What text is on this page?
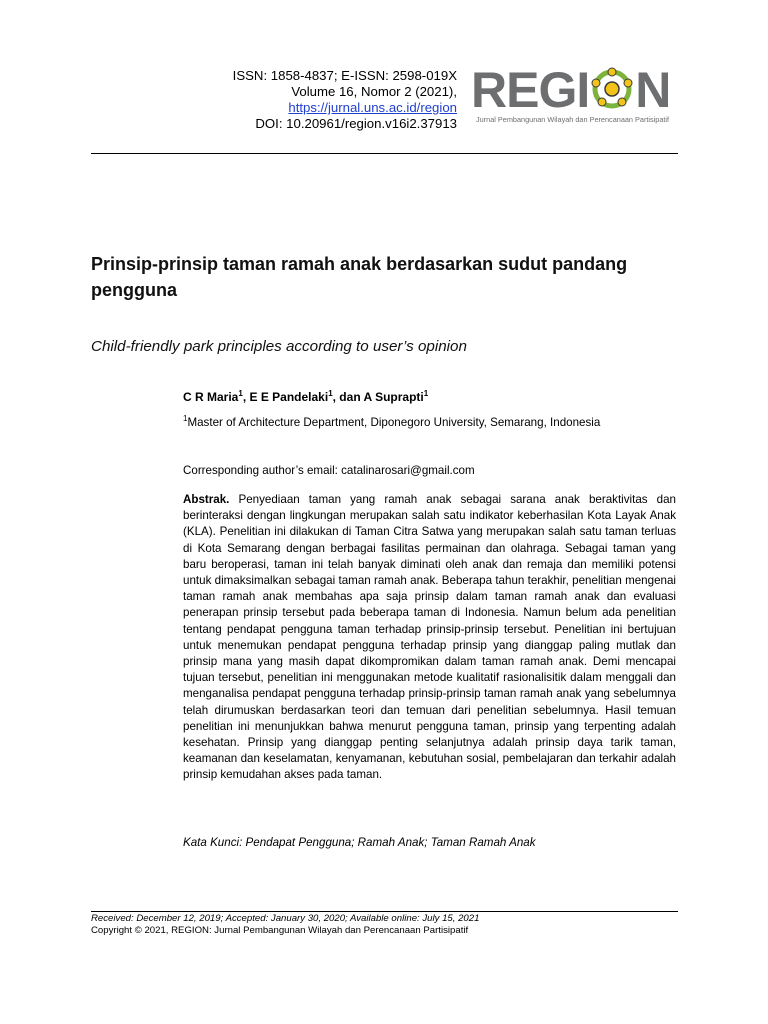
ISSN: 1858-4837; E-ISSN: 2598-019X
Volume 16, Nomor 2 (2021),
https://jurnal.uns.ac.id/region
DOI: 10.20961/region.v16i2.37913
REGI N
Jurnal Pembangunan Wilayah dan Perencanaan Partisipatif
Prinsip-prinsip taman ramah anak berdasarkan sudut pandang pengguna
Child-friendly park principles according to user’s opinion
C R Maria$^1$, E E Pandelaki$^1$, dan A Suprapti$^1$
$^1$Master of Architecture Department, Diponegoro University, Semarang, Indonesia
Corresponding author’s email: catalinarosari@gmail.com
Abstrak. Penyediaan taman yang ramah anak sebagai sarana anak beraktivitas dan berinteraksi dengan lingkungan merupakan salah satu indikator keberhasilan Kota Layak Anak (KLA). Penelitian ini dilakukan di Taman Citra Satwa yang merupakan salah satu taman terluas di Kota Semarang dengan berbagai fasilitas permainan dan olahraga. Sebagai taman yang baru beroperasi, taman ini telah banyak diminati oleh anak dan remaja dan memiliki potensi untuk dimaksimalkan sebagai taman ramah anak. Beberapa tahun terakhir, penelitian mengenai taman ramah anak membahas apa saja prinsip dalam taman ramah anak dan evaluasi penerapan prinsip tersebut pada beberapa taman di Indonesia. Namun belum ada penelitian tentang pendapat pengguna taman terhadap prinsip-prinsip tersebut. Penelitian ini bertujuan untuk menemukan pendapat pengguna terhadap prinsip yang dianggap paling mutlak dan prinsip mana yang masih dapat dikompromikan dalam taman ramah anak. Demi mencapai tujuan tersebut, penelitian ini menggunakan metode kualitatif rasionalisitik dalam menggali dan menganalisa pendapat pengguna terhadap prinsip-prinsip taman ramah anak yang sebelumnya telah dirumuskan berdasarkan teori dan temuan dari penelitian sebelumnya. Hasil temuan penelitian ini menunjukkan bahwa menurut pengguna taman, prinsip yang terpenting adalah kesehatan. Prinsip yang dianggap penting selanjutnya adalah prinsip daya tarik taman, keamanan dan keselamatan, kenyamanan, kebutuhan sosial, pembelajaran dan terkahir adalah prinsip kemudahan akses pada taman.
Kata Kunci: Pendapat Pengguna; Ramah Anak; Taman Ramah Anak
Received: December 12, 2019; Accepted: January 30, 2020; Available online: July 15, 2021
Copyright © 2021, REGION: Jurnal Pembangunan Wilayah dan Perencanaan Partisipatif
